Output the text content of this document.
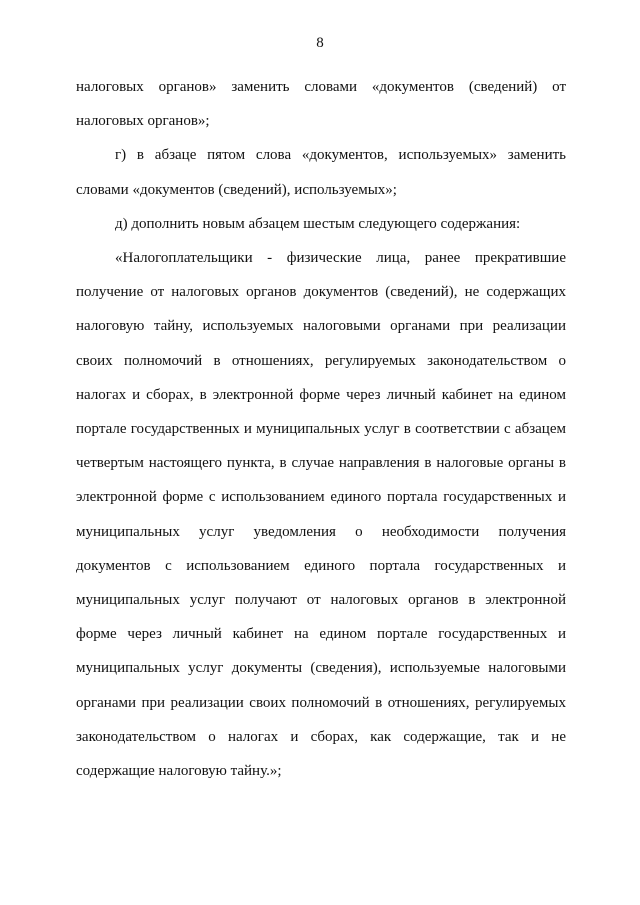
8

налоговых органов» заменить словами «документов (сведений) от налоговых органов»;

г) в абзаце пятом слова «документов, используемых» заменить словами «документов (сведений), используемых»;

д) дополнить новым абзацем шестым следующего содержания:

«Налогоплательщики - физические лица, ранее прекратившие получение от налоговых органов документов (сведений), не содержащих налоговую тайну, используемых налоговыми органами при реализации своих полномочий в отношениях, регулируемых законодательством о налогах и сборах, в электронной форме через личный кабинет на едином портале государственных и муниципальных услуг в соответствии с абзацем четвертым настоящего пункта, в случае направления в налоговые органы в электронной форме с использованием единого портала государственных и муниципальных услуг уведомления о необходимости получения документов с использованием единого портала государственных и муниципальных услуг получают от налоговых органов в электронной форме через личный кабинет на едином портале государственных и муниципальных услуг документы (сведения), используемые налоговыми органами при реализации своих полномочий в отношениях, регулируемых законодательством о налогах и сборах, как содержащие, так и не содержащие налоговую тайну.»;
